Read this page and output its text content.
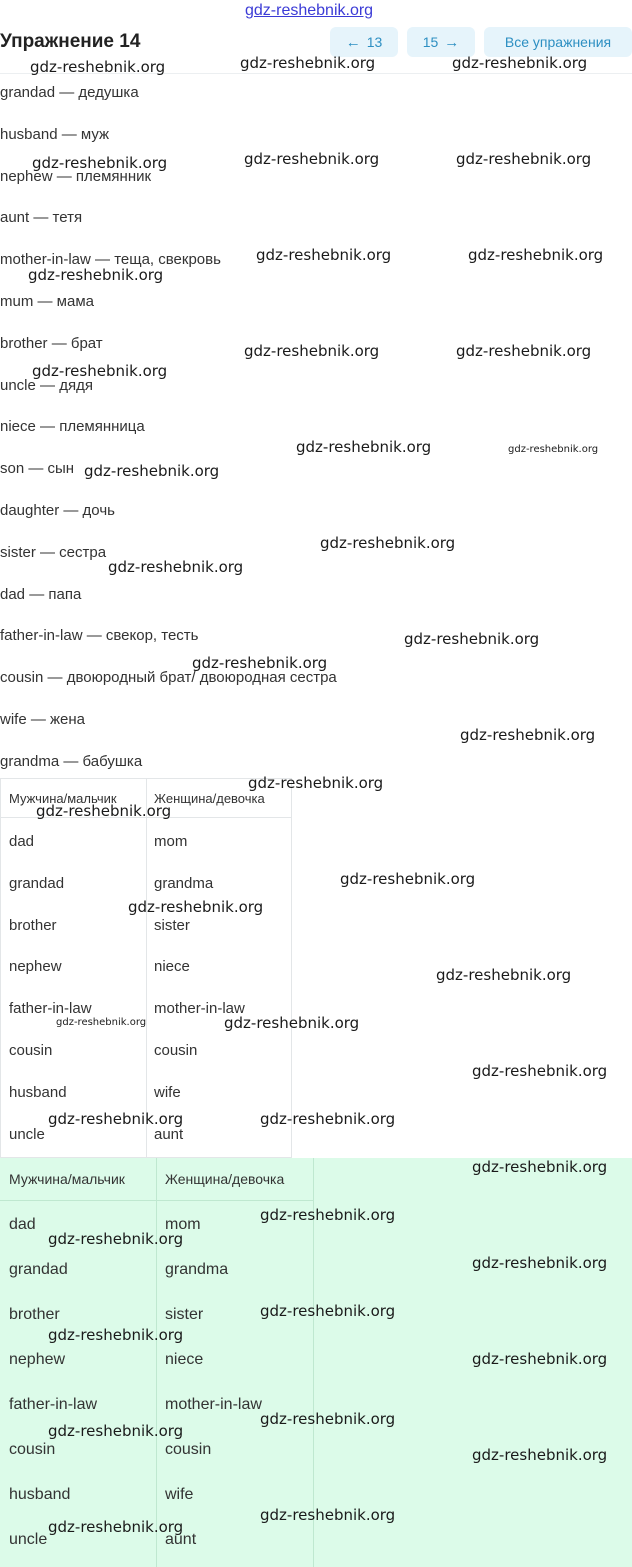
gdz-reshebnik.org
Упражнение 14	← 13	15 →	Все упражнения
grandad — дедушка
husband — муж
nephew — племянник
aunt — тетя
mother-in-law — теща, свекровь
mum — мама
brother — брат
uncle — дядя
niece — племянница
son — сын
daughter — дочь
sister — сестра
dad — папа
father-in-law — свекор, тесть
cousin — двоюродный брат/ двоюродная сестра
wife — жена
grandma — бабушка
Мужчина/мальчик	Женщина/девочка
dad	mom
grandad	grandma
brother	sister
nephew	niece
father-in-law	mother-in-law
cousin	cousin
husband	wife
uncle	aunt
Мужчина/мальчик	Женщина/девочка
dad	mom
grandad	grandma
brother	sister
nephew	niece
father-in-law	mother-in-law
cousin	cousin
husband	wife
uncle	aunt
gdz-reshebnik.org	gdz-reshebnik.org	gdz-reshebnik.org
gdz-reshebnik.org	gdz-reshebnik.org	gdz-reshebnik.org
gdz-reshebnik.org	gdz-reshebnik.org
gdz-reshebnik.org
gdz-reshebnik.org	gdz-reshebnik.org
gdz-reshebnik.org
gdz-reshebnik.org	gdz-reshebnik.org
gdz-reshebnik.org
gdz-reshebnik.org
gdz-reshebnik.org
gdz-reshebnik.org
gdz-reshebnik.org
gdz-reshebnik.org
gdz-reshebnik.org
gdz-reshebnik.org
gdz-reshebnik.org
gdz-reshebnik.org
gdz-reshebnik.org
gdz-reshebnik.org
gdz-reshebnik.org
gdz-reshebnik.org
gdz-reshebnik.org	gdz-reshebnik.org
gdz-reshebnik.org
gdz-reshebnik.org
gdz-reshebnik.org
gdz-reshebnik.org
gdz-reshebnik.org
gdz-reshebnik.org
gdz-reshebnik.org
gdz-reshebnik.org
gdz-reshebnik.org
gdz-reshebnik.org
gdz-reshebnik.org
gdz-reshebnik.org
